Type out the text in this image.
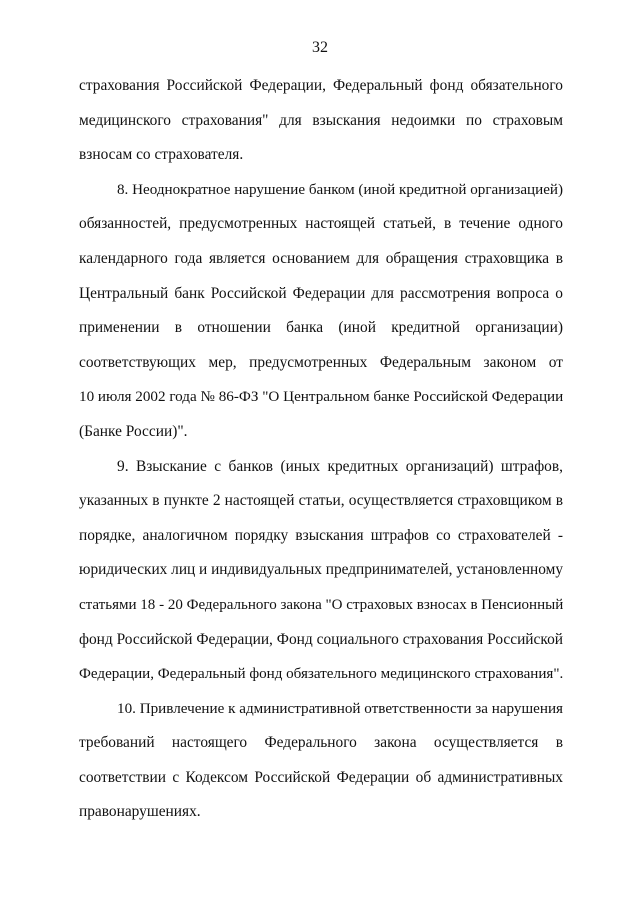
32
страхования Российской Федерации, Федеральный фонд обязательного
медицинского страхования" для взыскания недоимки по страховым
взносам со страхователя.
8. Неоднократное нарушение банком (иной кредитной организацией)
обязанностей, предусмотренных настоящей статьей, в течение одного
календарного года является основанием для обращения страховщика в
Центральный банк Российской Федерации для рассмотрения вопроса о
применении в отношении банка (иной кредитной организации)
соответствующих мер, предусмотренных Федеральным законом от
10 июля 2002 года № 86-ФЗ "О Центральном банке Российской Федерации
(Банке России)".
9. Взыскание с банков (иных кредитных организаций) штрафов,
указанных в пункте 2 настоящей статьи, осуществляется страховщиком в
порядке, аналогичном порядку взыскания штрафов со страхователей -
юридических лиц и индивидуальных предпринимателей, установленному
статьями 18 - 20 Федерального закона "О страховых взносах в Пенсионный
фонд Российской Федерации, Фонд социального страхования Российской
Федерации, Федеральный фонд обязательного медицинского страхования".
10. Привлечение к административной ответственности за нарушения
требований настоящего Федерального закона осуществляется в
соответствии с Кодексом Российской Федерации об административных
правонарушениях.
